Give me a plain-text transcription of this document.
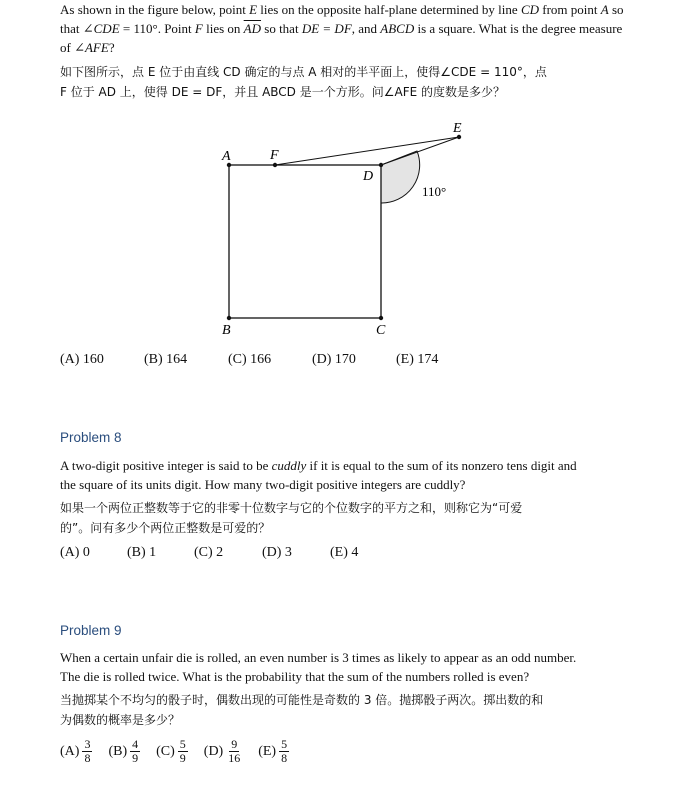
As shown in the figure below, point E lies on the opposite half-plane determined by line CD from point A so that ∠CDE = 110°. Point F lies on $\overline{AD}$ so that DE = DF, and ABCD is a square. What is the degree measure of ∠AFE?
如下图所示，点 E 位于由直线 CD 确定的与点 A 相对的半平面上，使得∠CDE = 110°，点
F 位于 AD 上，使得 DE = DF，并且 ABCD 是一个方形。问∠AFE 的度数是多少？
A	F
D
E
B	C
110°
(A) 160	(B) 164	(C) 166	(D) 170	(E) 174
Problem 8
A two-digit positive integer is said to be cuddly if it is equal to the sum of its nonzero tens digit and
the square of its units digit. How many two-digit positive integers are cuddly?
如果一个两位正整数等于它的非零十位数字与它的个位数字的平方之和，则称它为“可爱
的”。问有多少个两位正整数是可爱的？
(A) 0	(B) 1	(C) 2	(D) 3	(E) 4
Problem 9
When a certain unfair die is rolled, an even number is 3 times as likely to appear as an odd number.
The die is rolled twice. What is the probability that the sum of the numbers rolled is even?
当抛掷某个不均匀的骰子时，偶数出现的可能性是奇数的 3 倍。抛掷骰子两次。掷出数的和
为偶数的概率是多少？
$(A) \frac{3}{8} (B) \frac{4}{9} (C) \frac{5}{9} (D) \frac{9}{16} (E) \frac{5}{8}$
